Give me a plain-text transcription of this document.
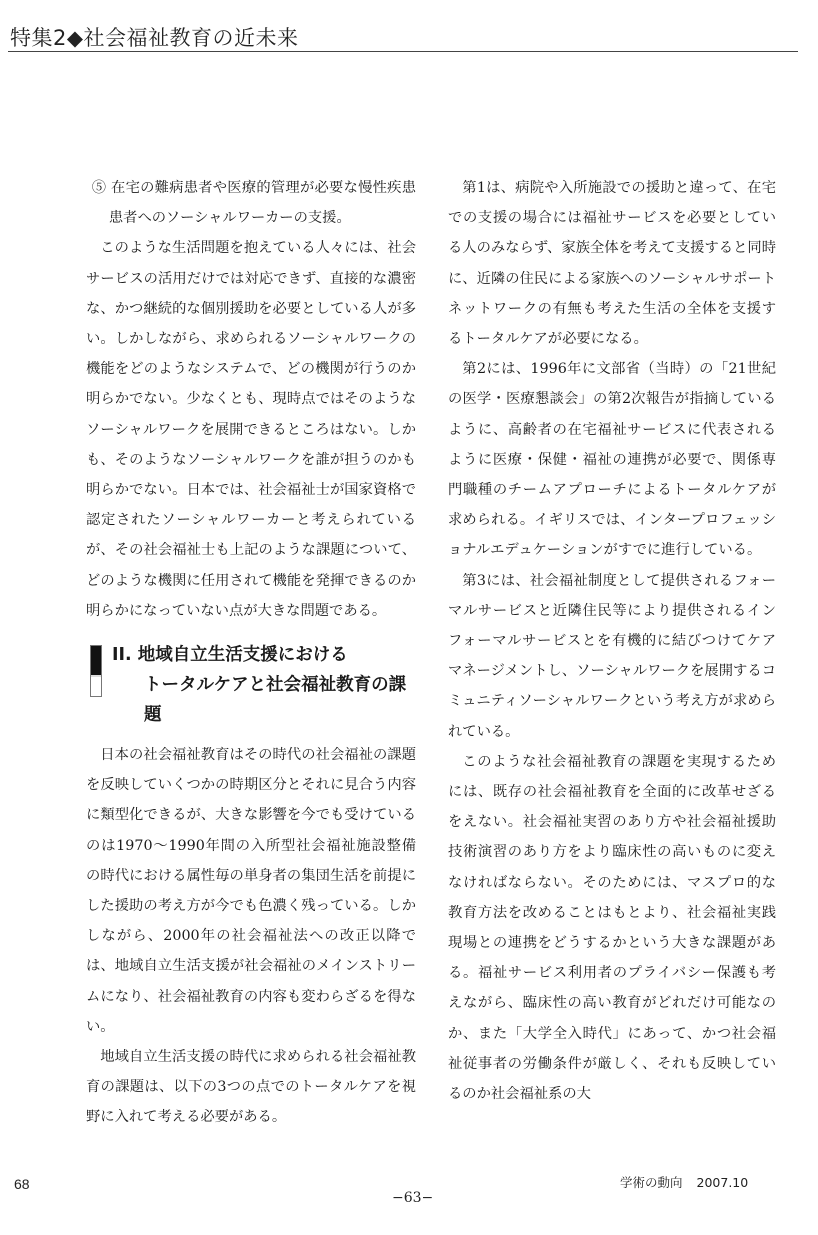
特集2◆社会福祉教育の近未来

⑤ 在宅の難病患者や医療的管理が必要な慢性疾患患者へのソーシャルワーカーの支援。

このような生活問題を抱えている人々には、社会サービスの活用だけでは対応できず、直接的な濃密な、かつ継続的な個別援助を必要としている人が多い。しかしながら、求められるソーシャルワークの機能をどのようなシステムで、どの機関が行うのか明らかでない。少なくとも、現時点ではそのようなソーシャルワークを展開できるところはない。しかも、そのようなソーシャルワークを誰が担うのかも明らかでない。日本では、社会福祉士が国家資格で認定されたソーシャルワーカーと考えられているが、その社会福祉士も上記のような課題について、どのような機関に任用されて機能を発揮できるのか明らかになっていない点が大きな問題である。

II. 地域自立生活支援における
トータルケアと社会福祉教育の課題

日本の社会福祉教育はその時代の社会福祉の課題を反映していくつかの時期区分とそれに見合う内容に類型化できるが、大きな影響を今でも受けているのは1970〜1990年間の入所型社会福祉施設整備の時代における属性毎の単身者の集団生活を前提にした援助の考え方が今でも色濃く残っている。しかしながら、2000年の社会福祉法への改正以降では、地域自立生活支援が社会福祉のメインストリームになり、社会福祉教育の内容も変わらざるを得ない。

地域自立生活支援の時代に求められる社会福祉教育の課題は、以下の3つの点でのトータルケアを視野に入れて考える必要がある。

第1は、病院や入所施設での援助と違って、在宅での支援の場合には福祉サービスを必要としている人のみならず、家族全体を考えて支援すると同時に、近隣の住民による家族へのソーシャルサポートネットワークの有無も考えた生活の全体を支援するトータルケアが必要になる。

第2には、1996年に文部省（当時）の「21世紀の医学・医療懇談会」の第2次報告が指摘しているように、高齢者の在宅福祉サービスに代表されるように医療・保健・福祉の連携が必要で、関係専門職種のチームアプローチによるトータルケアが求められる。イギリスでは、インタープロフェッショナルエデュケーションがすでに進行している。

第3には、社会福祉制度として提供されるフォーマルサービスと近隣住民等により提供されるインフォーマルサービスとを有機的に結びつけてケアマネージメントし、ソーシャルワークを展開するコミュニティソーシャルワークという考え方が求められている。

このような社会福祉教育の課題を実現するためには、既存の社会福祉教育を全面的に改革せざるをえない。社会福祉実習のあり方や社会福祉援助技術演習のあり方をより臨床性の高いものに変えなければならない。そのためには、マスプロ的な教育方法を改めることはもとより、社会福祉実践現場との連携をどうするかという大きな課題がある。福祉サービス利用者のプライバシー保護も考えながら、臨床性の高い教育がどれだけ可能なのか、また「大学全入時代」にあって、かつ社会福祉従事者の労働条件が厳しく、それも反映しているのか社会福祉系の大

68	学術の動向 2007.10
−63−
